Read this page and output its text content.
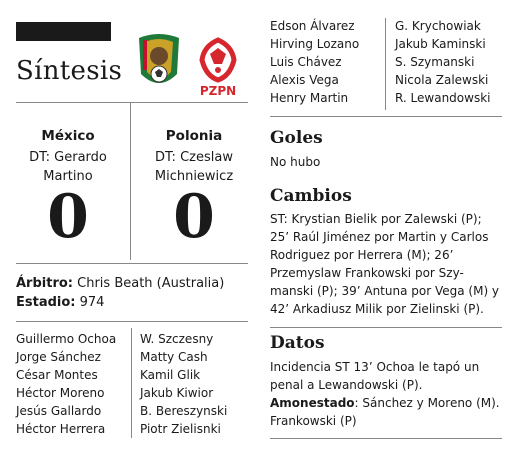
Síntesis
PZPN
México
DT: Gerardo
Martino
0
Polonia
DT: Czeslaw
Michniewicz
0
Árbitro: Chris Beath (Australia)
Estadio: 974
Guillermo Ochoa
Jorge Sánchez
César Montes
Héctor Moreno
Jesús Gallardo
Héctor Herrera
W. Szczesny
Matty Cash
Kamil Glik
Jakub Kiwior
B. Bereszynski
Piotr Zielisnki
Edson Álvarez
Hirving Lozano
Luis Chávez
Alexis Vega
Henry Martin
G. Krychowiak
Jakub Kaminski
S. Szymanski
Nicola Zalewski
R. Lewandowski
Goles
No hubo
Cambios
ST: Krystian Bielik por Zalewski (P);
25’ Raúl Jiménez por Martin y Carlos
Rodriguez por Herrera (M); 26’
Przemyslaw Frankowski por Szy-
manski (P); 39’ Antuna por Vega (M) y
42’ Arkadiusz Milik por Zielinski (P).
Datos
Incidencia ST 13’ Ochoa le tapó un
penal a Lewandowski (P).
Amonestado: Sánchez y Moreno (M).
Frankowski (P)
